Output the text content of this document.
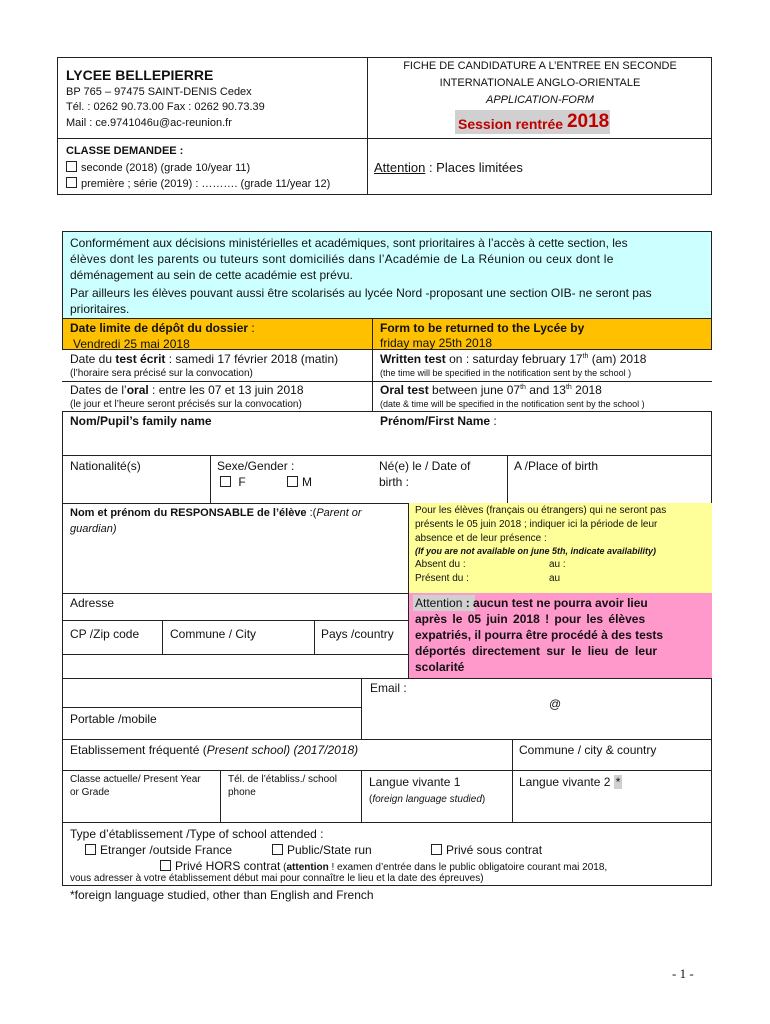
LYCEE BELLEPIERRE
BP 765 – 97475 SAINT-DENIS Cedex
Tél. : 0262 90.73.00 Fax : 0262 90.73.39
Mail : ce.9741046u@ac-reunion.fr
FICHE DE CANDIDATURE A L’ENTREE EN SECONDE
INTERNATIONALE ANGLO-ORIENTALE
APPLICATION-FORM
Session rentrée 2018
CLASSE DEMANDEE :
seconde (2018) (grade 10/year 11)
première ; série (2019) : ………. (grade 11/year 12)
Attention : Places limitées
Conformément aux décisions ministérielles et académiques, sont prioritaires à l’accès à cette section, les
élèves dont les parents ou tuteurs sont domiciliés dans l’Académie de La Réunion ou ceux dont le
déménagement au sein de cette académie est prévu.
Par ailleurs les élèves pouvant aussi être scolarisés au lycée Nord -proposant une section OIB- ne seront pas
prioritaires.
Date limite de dépôt du dossier :
Vendredi 25 mai 2018
Form to be returned to the Lycée by
friday may 25th 2018
Date du test écrit : samedi 17 février 2018 (matin)
(l’horaire sera précisé sur la convocation)
Written test on : saturday february 17th (am) 2018
(the time will be specified in the notification sent by the school )
Dates de l’oral : entre les 07 et 13 juin 2018
(le jour et l’heure seront précisés sur la convocation)
Oral test between june 07th and 13th 2018
(date & time will be specified in the notification sent by the school )
Nom/Pupil’s family name	Prénom/First Name :
Nationalité(s)	Sexe/Gender :
F	M
Né(e) le / Date of
birth :
A /Place of birth
Nom et prénom du RESPONSABLE de l’élève :(Parent or
guardian)
Pour les élèves (français ou étrangers) qui ne seront pas
présents le 05 juin 2018 ; indiquer ici la période de leur
absence et de leur présence :
(If you are not available on june 5th, indicate availability)
Absent du :	au :
Présent du :	au
Adresse
CP /Zip code	Commune / City	Pays /country
Attention : aucun test ne pourra avoir lieu
après le 05 juin 2018 ! pour les élèves
expatriés, il pourra être procédé à des tests
déportés directement sur le lieu de leur
scolarité
Email :
@
Portable /mobile
Etablissement fréquenté (Present school) (2017/2018)	Commune / city & country
Classe actuelle/ Present Year
or Grade
Tél. de l’établiss./ school
phone
Langue vivante 1
(foreign language studied)
Langue vivante 2 *
Type d’établissement /Type of school attended :
Etranger /outside France	Public/State run	Privé sous contrat
Privé HORS contrat (attention ! examen d’entrée dans le public obligatoire courant mai 2018,
vous adresser à votre établissement début mai pour connaître le lieu et la date des épreuves)
*foreign language studied, other than English and French
- 1 -
